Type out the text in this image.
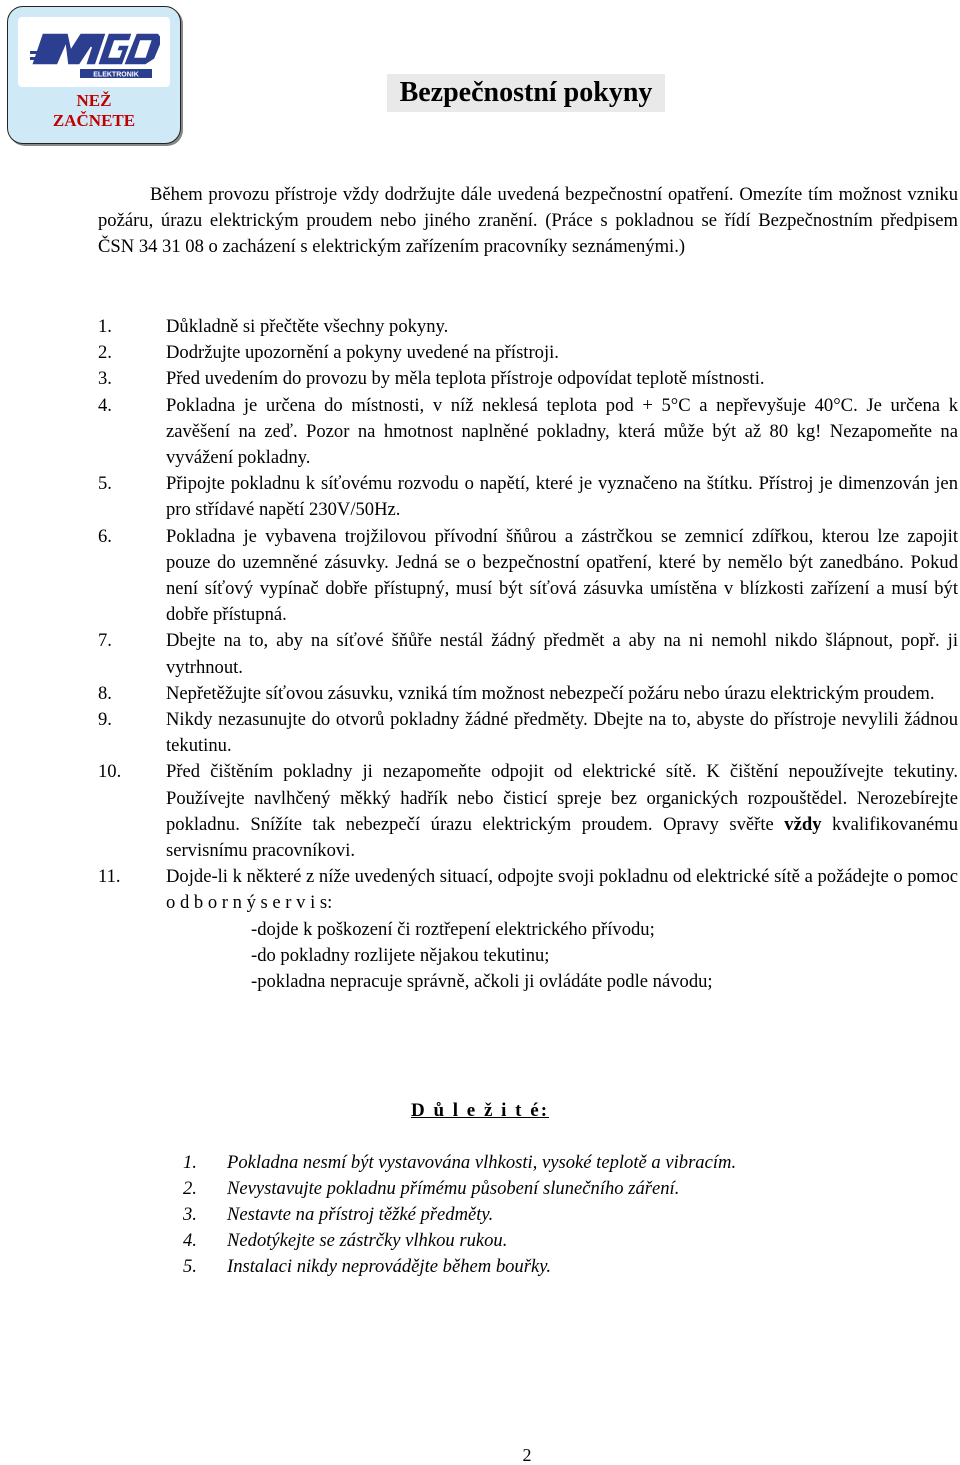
ELEKTRONIK
NEŽ
ZAČNETE
Bezpečnostní pokyny

Během provozu přístroje vždy dodržujte dále uvedená bezpečnostní opatření. Omezíte tím možnost vzniku požáru, úrazu elektrickým proudem nebo jiného zranění. (Práce s pokladnou se řídí Bezpečnostním předpisem ČSN 34 31 08 o zacházení s elektrickým zařízením pracovníky seznámenými.)

1.	Důkladně si přečtěte všechny pokyny.
2.	Dodržujte upozornění a pokyny uvedené na přístroji.
3.	Před uvedením do provozu by měla teplota přístroje odpovídat teplotě místnosti.
4.	Pokladna je určena do místnosti, v níž neklesá teplota pod + 5°C a nepřevyšuje 40°C. Je určena k zavěšení na zeď. Pozor na hmotnost naplněné pokladny, která může být až 80 kg! Nezapomeňte na vyvážení pokladny.
5.	Připojte pokladnu k síťovému rozvodu o napětí, které je vyznačeno na štítku. Přístroj je dimenzován jen pro střídavé napětí 230V/50Hz.
6.	Pokladna je vybavena trojžilovou přívodní šňůrou a zástrčkou se zemnicí zdířkou, kterou lze zapojit pouze do uzemněné zásuvky. Jedná se o bezpečnostní opatření, které by nemělo být zanedbáno. Pokud není síťový vypínač dobře přístupný, musí být síťová zásuvka umístěna v blízkosti zařízení a musí být dobře přístupná.
7.	Dbejte na to, aby na síťové šňůře nestál žádný předmět a aby na ni nemohl nikdo šlápnout, popř. ji vytrhnout.
8.	Nepřetěžujte síťovou zásuvku, vzniká tím možnost nebezpečí požáru nebo úrazu elektrickým proudem.
9.	Nikdy nezasunujte do otvorů pokladny žádné předměty. Dbejte na to, abyste do přístroje nevylili žádnou tekutinu.
10.	Před čištěním pokladny ji nezapomeňte odpojit od elektrické sítě. K čištění nepoužívejte tekutiny. Používejte navlhčený měkký hadřík nebo čisticí spreje bez organických rozpouštědel. Nerozebírejte pokladnu. Snížíte tak nebezpečí úrazu elektrickým proudem. Opravy svěřte vždy kvalifikovanému servisnímu pracovníkovi.
11.	Dojde-li k některé z níže uvedených situací, odpojte svoji pokladnu od elektrické sítě a požádejte o pomoc o d b o r n ý s e r v i s:
-dojde k poškození či roztřepení elektrického přívodu;
-do pokladny rozlijete nějakou tekutinu;
-pokladna nepracuje správně, ačkoli ji ovládáte podle návodu;
D ů l e ž i t é:
1.	Pokladna nesmí být vystavována vlhkosti, vysoké teplotě a vibracím.
2.	Nevystavujte pokladnu přímému působení slunečního záření.
3.	Nestavte na přístroj těžké předměty.
4.	Nedotýkejte se zástrčky vlhkou rukou.
5.	Instalaci nikdy neprovádějte během bouřky.
2
